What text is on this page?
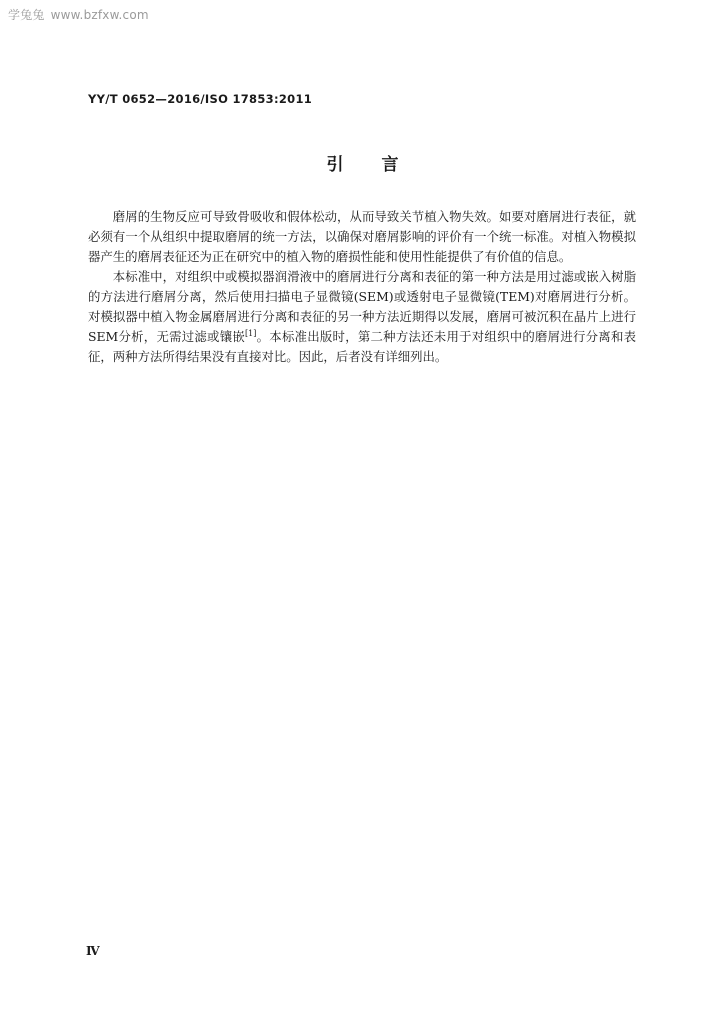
学兔兔 www.bzfxw.com
YY/T 0652—2016/ISO 17853:2011
引言

磨屑的生物反应可导致骨吸收和假体松动，从而导致关节植入物失效。如要对磨屑进行表征，就必须有一个从组织中提取磨屑的统一方法，以确保对磨屑影响的评价有一个统一标准。对植入物模拟器产生的磨屑表征还为正在研究中的植入物的磨损性能和使用性能提供了有价值的信息。

本标准中，对组织中或模拟器润滑液中的磨屑进行分离和表征的第一种方法是用过滤或嵌入树脂的方法进行磨屑分离，然后使用扫描电子显微镜(SEM)或透射电子显微镜(TEM)对磨屑进行分析。对模拟器中植入物金属磨屑进行分离和表征的另一种方法近期得以发展，磨屑可被沉积在晶片上进行SEM分析，无需过滤或镶嵌[1]。本标准出版时，第二种方法还未用于对组织中的磨屑进行分离和表征，两种方法所得结果没有直接对比。因此，后者没有详细列出。

Ⅳ
